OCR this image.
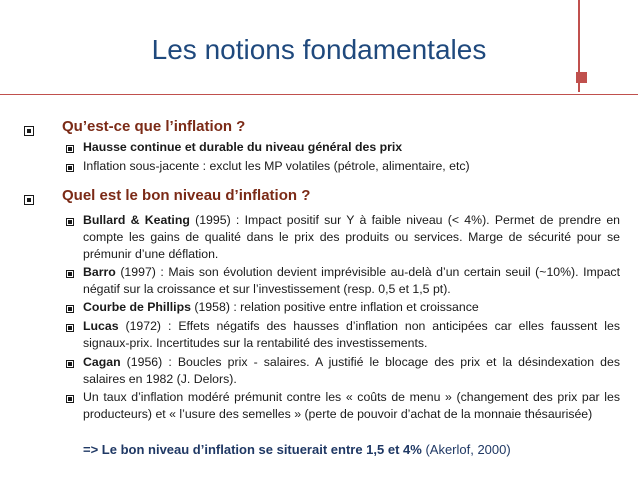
Les notions fondamentales
Qu’est-ce que l’inflation ?
Hausse continue et durable du niveau général des prix
Inflation sous-jacente : exclut les MP volatiles (pétrole, alimentaire, etc)
Quel est le bon niveau d’inflation ?
Bullard & Keating (1995) : Impact positif sur Y à faible niveau (< 4%). Permet de prendre en compte les gains de qualité dans le prix des produits ou services. Marge de sécurité pour se prémunir d’une déflation.
Barro (1997) : Mais son évolution devient imprévisible au-delà d’un certain seuil (~10%). Impact négatif sur la croissance et sur l’investissement (resp. 0,5 et 1,5 pt).
Courbe de Phillips (1958) : relation positive entre inflation et croissance
Lucas (1972) : Effets négatifs des hausses d’inflation non anticipées car elles faussent les signaux-prix. Incertitudes sur la rentabilité des investissements.
Cagan (1956) : Boucles prix - salaires. A justifié le blocage des prix et la désindexation des salaires en 1982 (J. Delors).
Un taux d’inflation modéré prémunit contre les « coûts de menu » (changement des prix par les producteurs) et « l’usure des semelles » (perte de pouvoir d’achat de la monnaie thésaurisée)
=> Le bon niveau d’inflation se situerait entre 1,5 et 4% (Akerlof, 2000)
